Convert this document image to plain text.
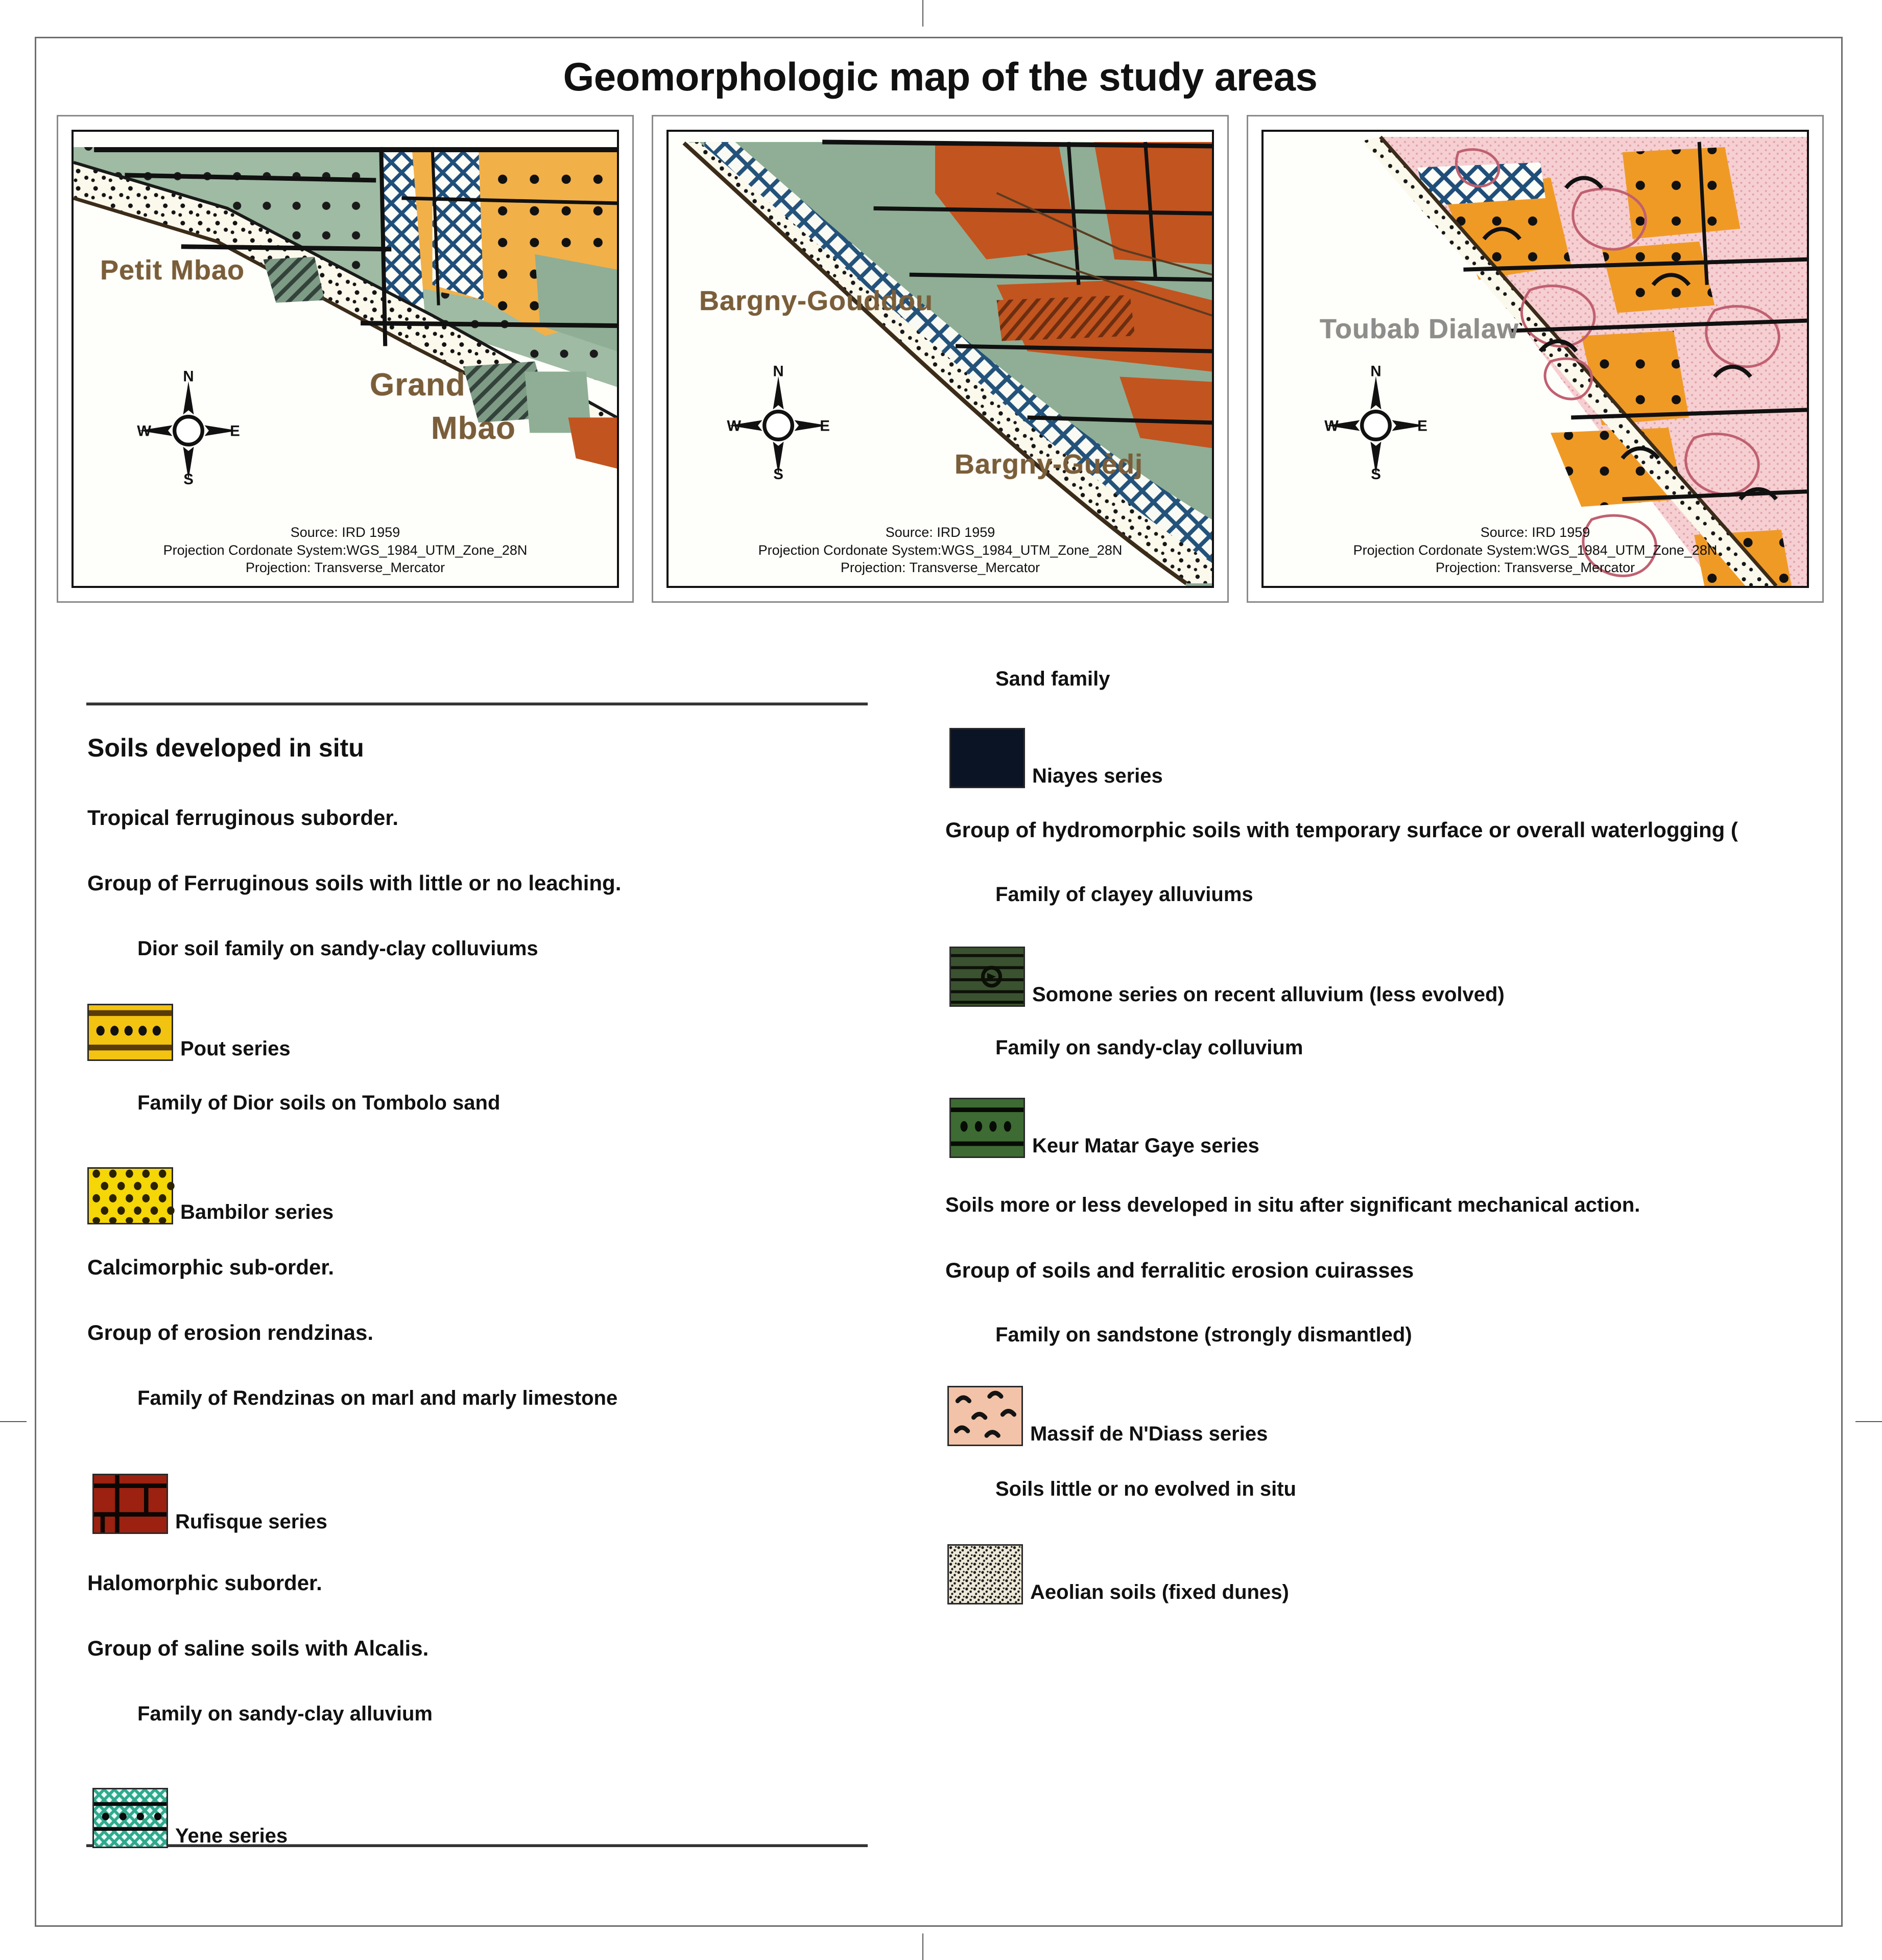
Geomorphologic map of the study areas
Petit Mbao
Grand
Mbao
N
S
W	E
Source: IRD 1959
Projection Cordonate System:WGS_1984_UTM_Zone_28N
Projection: Transverse_Mercator
Bargny-Gouddou
Bargny-Guèdj
N
S
W	E
Source: IRD 1959
Projection Cordonate System:WGS_1984_UTM_Zone_28N
Projection: Transverse_Mercator
Toubab Dialaw
N
S
W	E
Source: IRD 1959
Projection Cordonate System:WGS_1984_UTM_Zone_28N
Projection: Transverse_Mercator
Soils developed in situ
Tropical ferruginous suborder.
Group of Ferruginous soils with little or no leaching.
Dior soil family on sandy-clay colluviums
Pout series
Family of Dior soils on Tombolo sand
Bambilor series
Calcimorphic sub-order.
Group of erosion rendzinas.
Family of Rendzinas on marl and marly limestone
Rufisque series
Halomorphic suborder.
Group of saline soils with Alcalis.
Family on sandy-clay alluvium
Yene series
Sand family
Niayes series
Group of hydromorphic soils with temporary surface or overall waterlogging (
Family of clayey alluviums
Somone series on recent alluvium (less evolved)
Family on sandy-clay colluvium
Keur Matar Gaye series
Soils more or less developed in situ after significant mechanical action.
Group of soils and ferralitic erosion cuirasses
Family on sandstone (strongly dismantled)
Massif de N'Diass series
Soils little or no evolved in situ
Aeolian soils (fixed dunes)
